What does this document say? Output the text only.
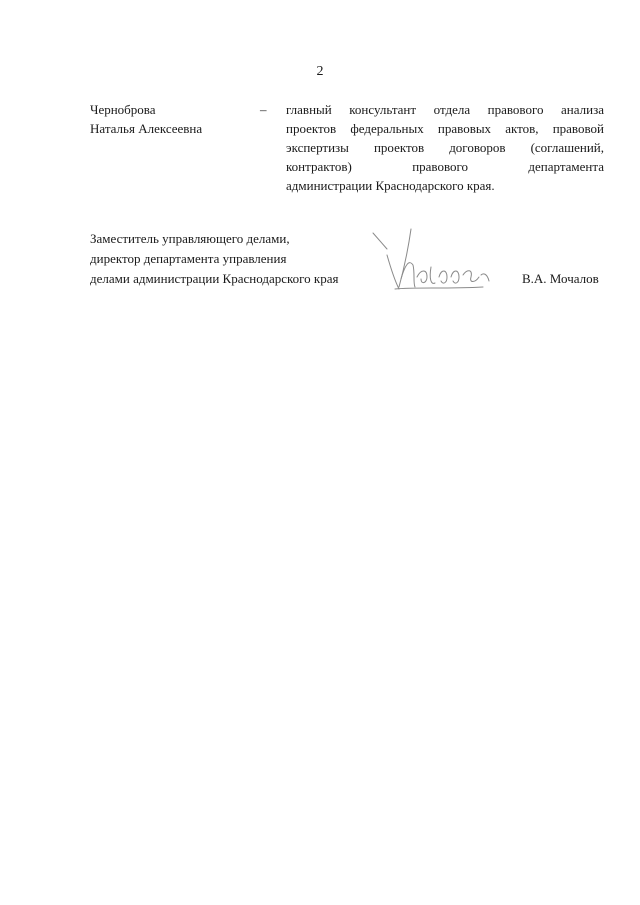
2
Черноброва
Наталья Алексеевна
–	главный консультант отдела правового анализа
проектов федеральных правовых актов, правовой
экспертизы проектов договоров (соглашений,
контрактов) правового департамента
администрации Краснодарского края.
Заместитель управляющего делами,
директор департамента управления
делами администрации Краснодарского края	В.А. Мочалов
